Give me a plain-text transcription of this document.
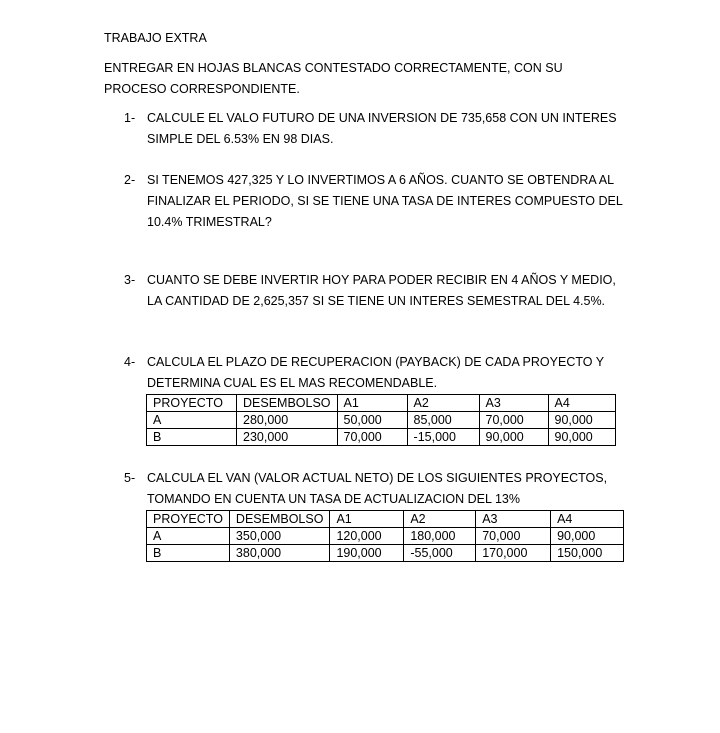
TRABAJO EXTRA
ENTREGAR EN HOJAS BLANCAS CONTESTADO CORRECTAMENTE, CON SU PROCESO CORRESPONDIENTE.
1- CALCULE EL VALO FUTURO DE UNA INVERSION DE 735,658 CON UN INTERES SIMPLE DEL 6.53% EN 98 DIAS.
2- SI TENEMOS 427,325 Y LO INVERTIMOS A 6 AÑOS. CUANTO SE OBTENDRA AL FINALIZAR EL PERIODO, SI SE TIENE UNA TASA DE INTERES COMPUESTO DEL 10.4% TRIMESTRAL?
3- CUANTO SE DEBE INVERTIR HOY PARA PODER RECIBIR EN 4 AÑOS Y MEDIO, LA CANTIDAD DE 2,625,357 SI SE TIENE UN INTERES SEMESTRAL DEL 4.5%.
4- CALCULA EL PLAZO DE RECUPERACION (PAYBACK) DE CADA PROYECTO Y DETERMINA CUAL ES EL MAS RECOMENDABLE.
PROYECTO	DESEMBOLSO	A1	A2	A3	A4
A	280,000	50,000	85,000	70,000	90,000
B	230,000	70,000	-15,000	90,000	90,000
5- CALCULA EL VAN (VALOR ACTUAL NETO) DE LOS SIGUIENTES PROYECTOS, TOMANDO EN CUENTA UN TASA DE ACTUALIZACION DEL 13%
PROYECTO	DESEMBOLSO	A1	A2	A3	A4
A	350,000	120,000	180,000	70,000	90,000
B	380,000	190,000	-55,000	170,000	150,000
